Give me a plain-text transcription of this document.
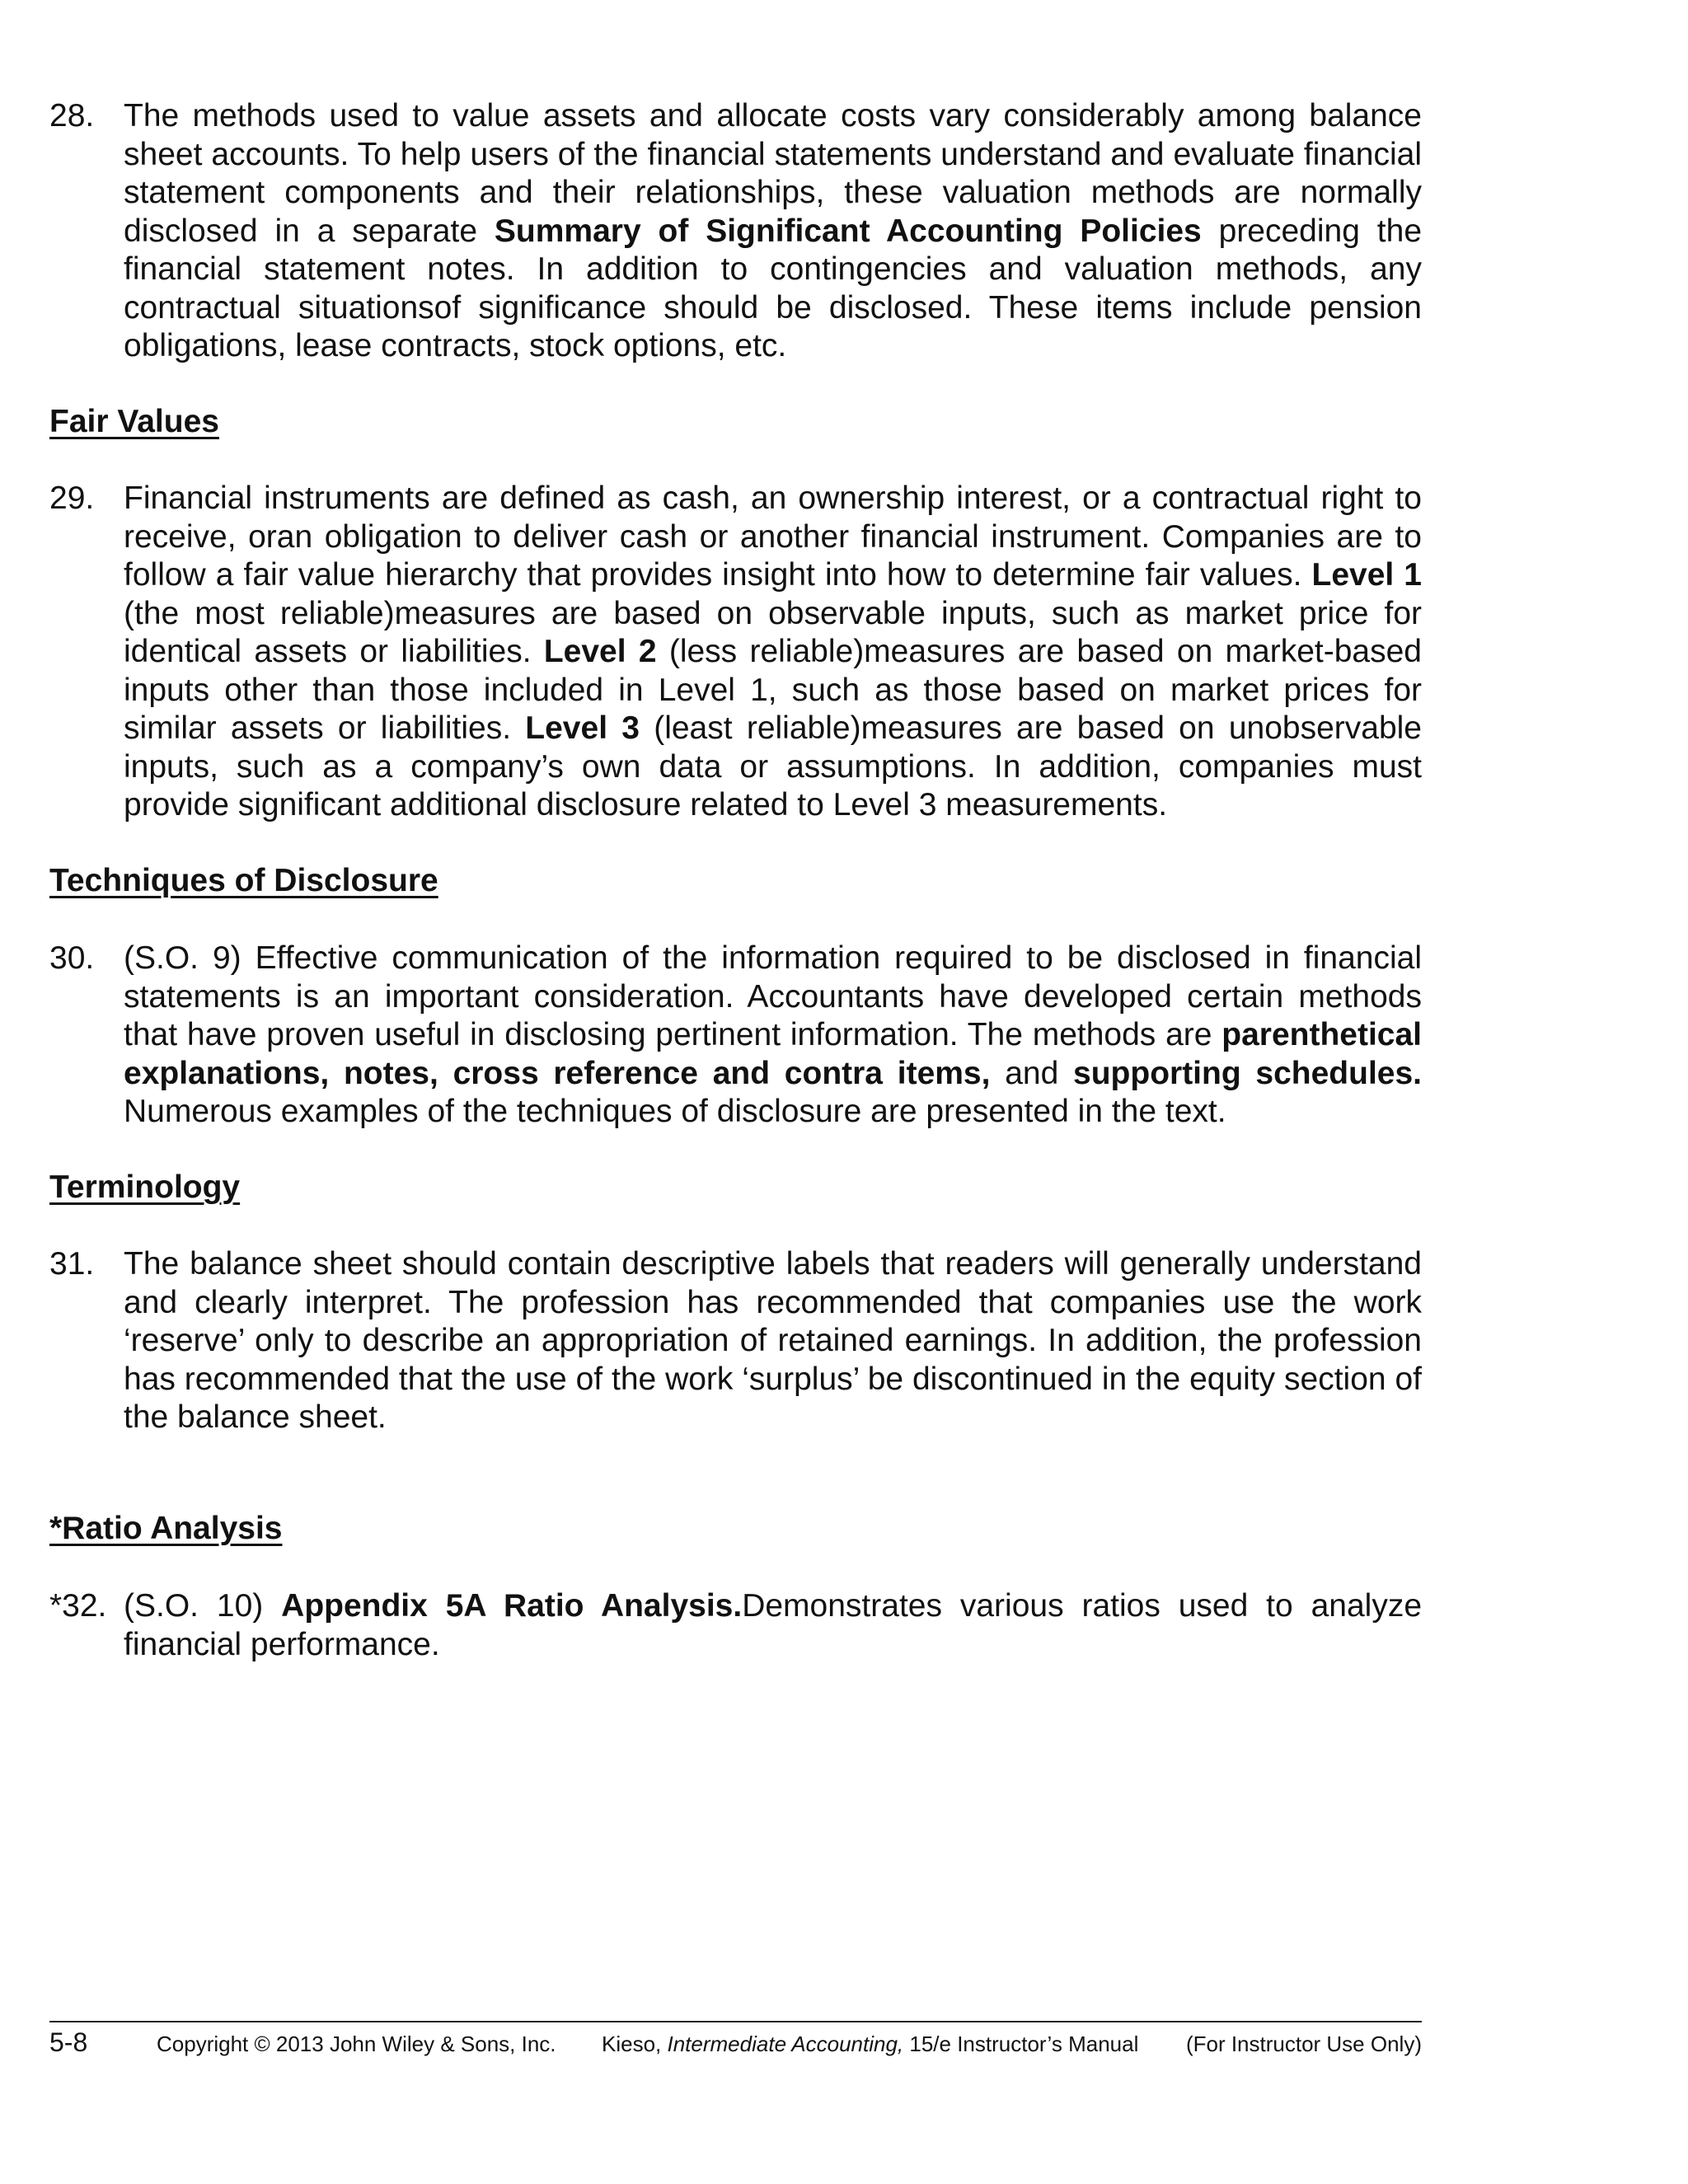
28. The methods used to value assets and allocate costs vary considerably among balance sheet accounts. To help users of the financial statements understand and evaluate financial statement components and their relationships, these valuation methods are normally disclosed in a separate Summary of Significant Accounting Policies preceding the financial statement notes. In addition to contingencies and valuation methods, any contractual situationsof significance should be disclosed. These items include pension obligations, lease contracts, stock options, etc.
Fair Values
29. Financial instruments are defined as cash, an ownership interest, or a contractual right to receive, oran obligation to deliver cash or another financial instrument. Companies are to follow a fair value hierarchy that provides insight into how to determine fair values. Level 1 (the most reliable)measures are based on observable inputs, such as market price for identical assets or liabilities. Level 2 (less reliable)measures are based on market-based inputs other than those included in Level 1, such as those based on market prices for similar assets or liabilities. Level 3 (least reliable)measures are based on unobservable inputs, such as a company’s own data or assumptions. In addition, companies must provide significant additional disclosure related to Level 3 measurements.
Techniques of Disclosure
30. (S.O. 9) Effective communication of the information required to be disclosed in financial statements is an important consideration. Accountants have developed certain methods that have proven useful in disclosing pertinent information. The methods are parenthetical explanations, notes, cross reference and contra items, and supporting schedules. Numerous examples of the techniques of disclosure are presented in the text.
Terminology
31. The balance sheet should contain descriptive labels that readers will generally understand and clearly interpret. The profession has recommended that companies use the work ‘reserve’ only to describe an appropriation of retained earnings. In addition, the profession has recommended that the use of the work ‘surplus’ be discontinued in the equity section of the balance sheet.
*Ratio Analysis
*32. (S.O. 10) Appendix 5A Ratio Analysis.Demonstrates various ratios used to analyze financial performance.
5-8	Copyright © 2013 John Wiley & Sons, Inc. Kieso, Intermediate Accounting, 15/e Instructor’s Manual (For Instructor Use Only)
